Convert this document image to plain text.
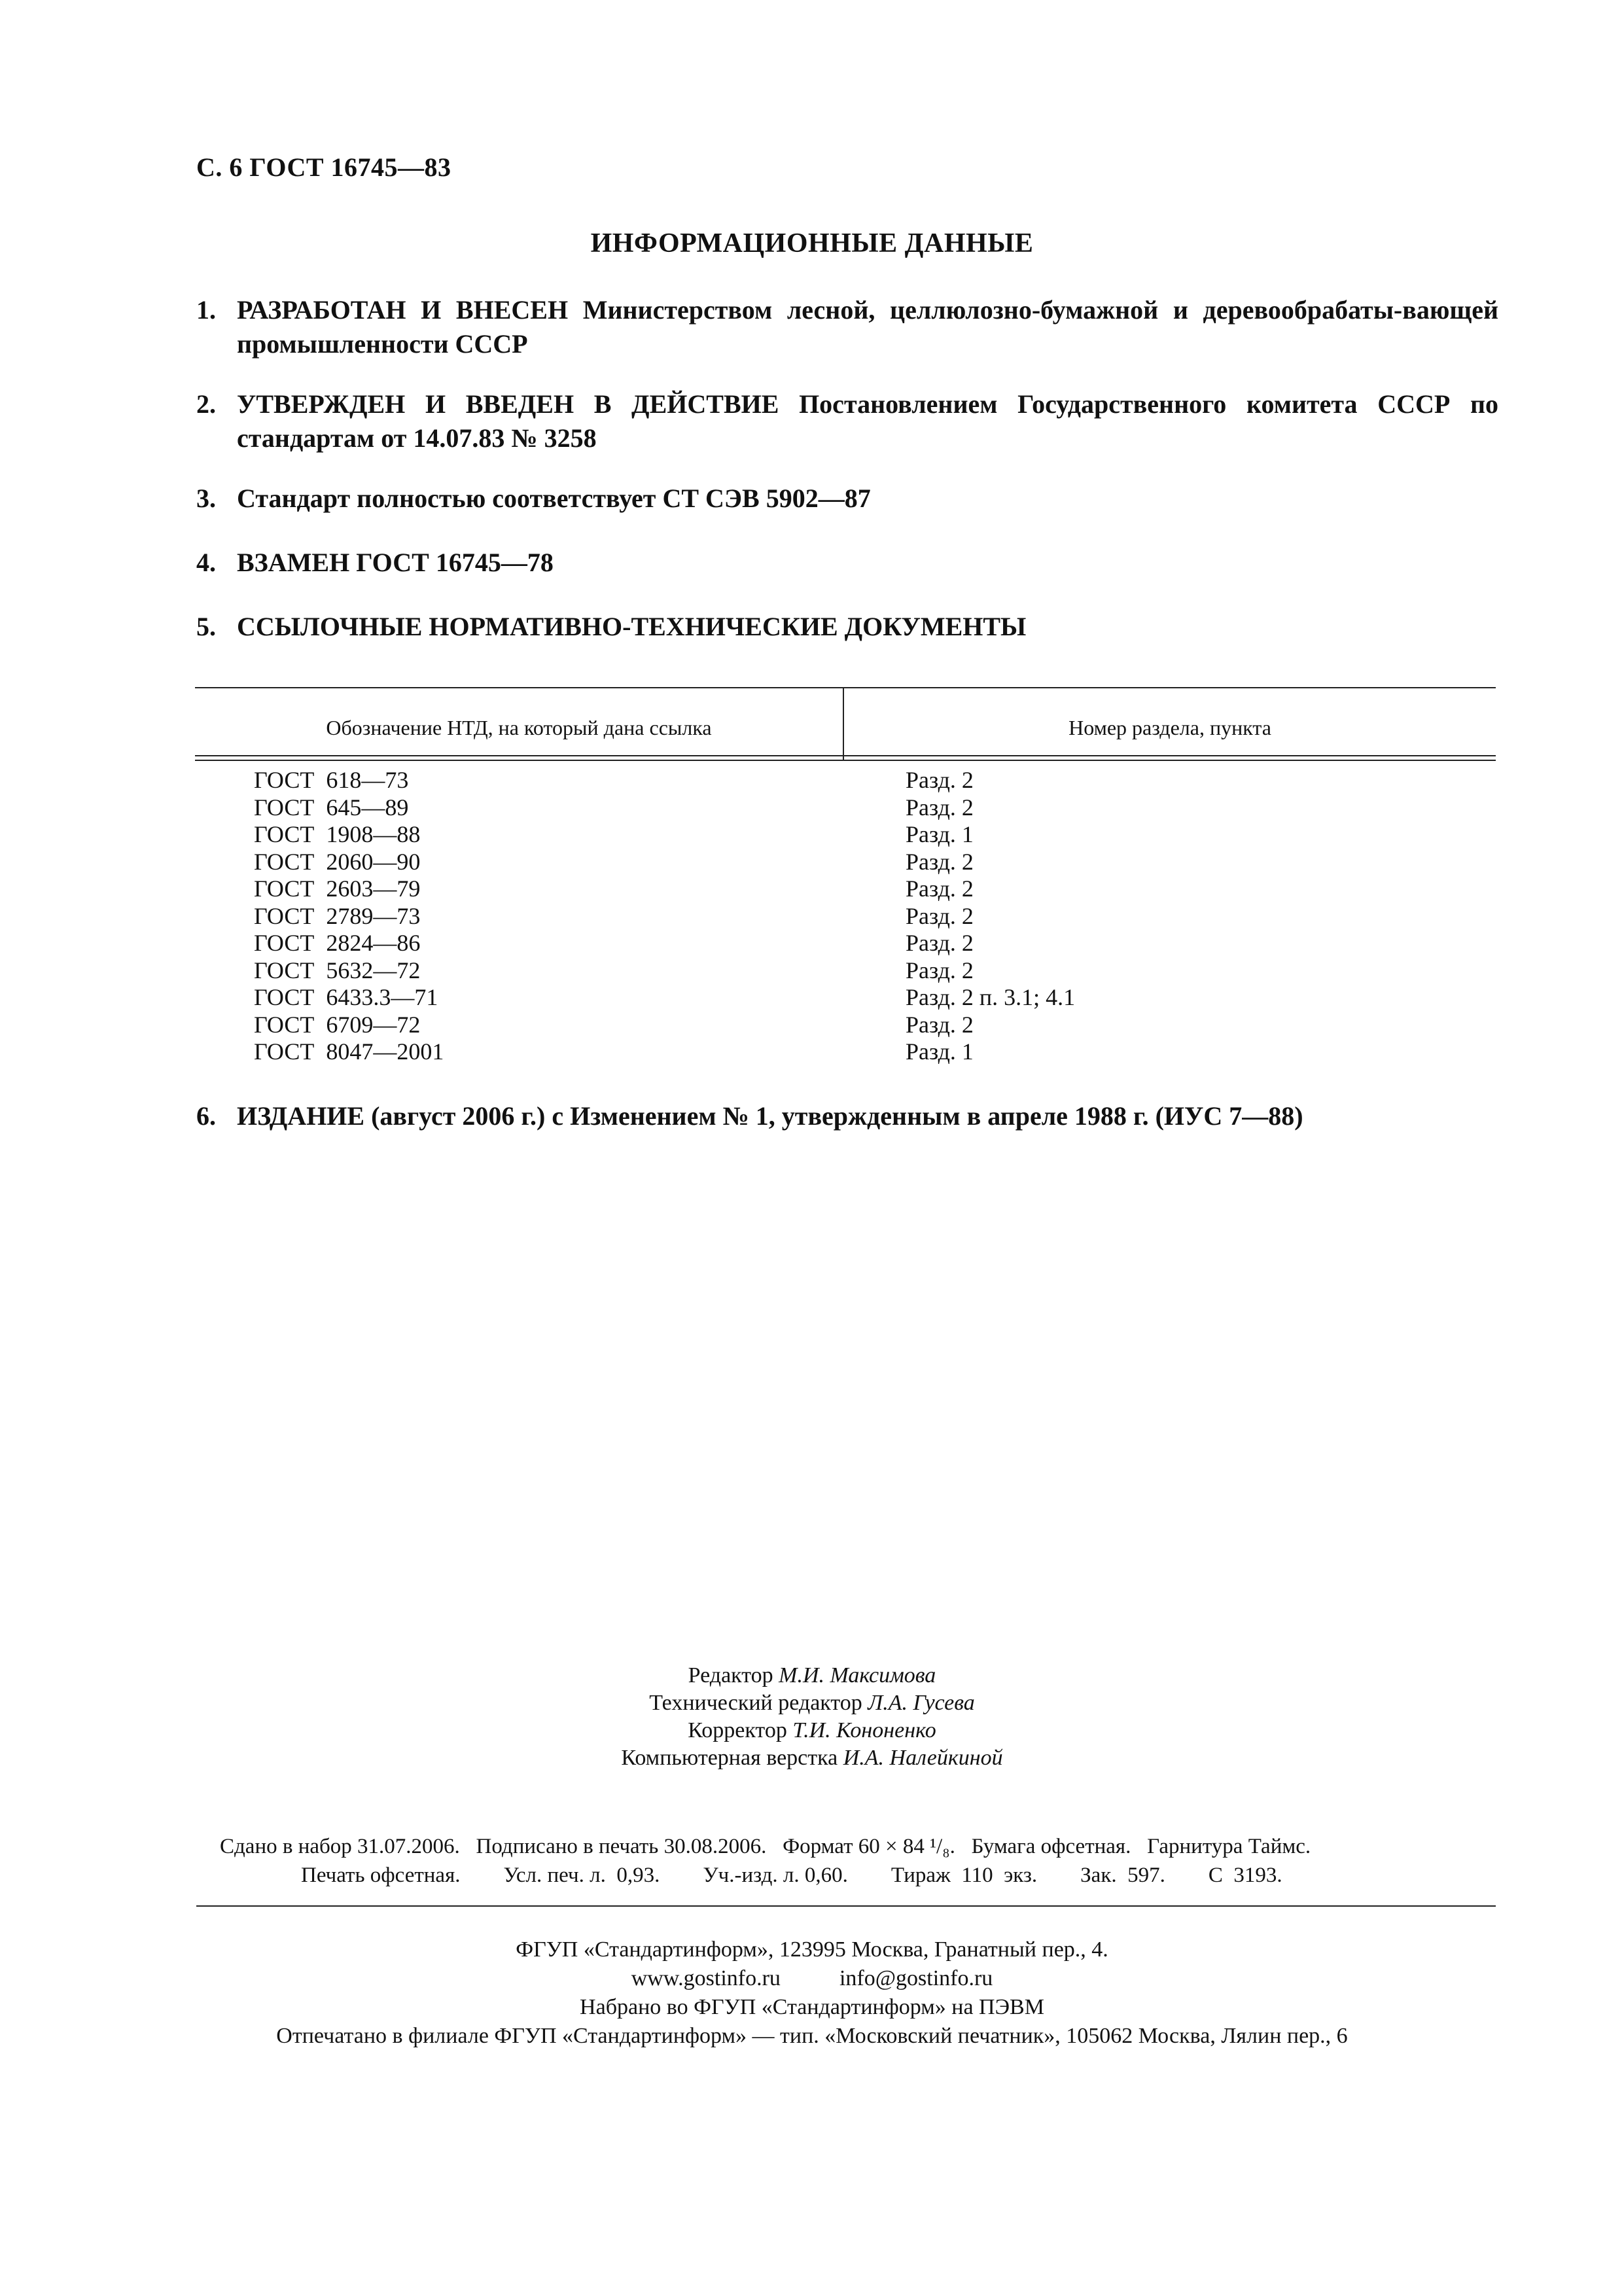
С. 6 ГОСТ 16745—83
ИНФОРМАЦИОННЫЕ ДАННЫЕ
1. РАЗРАБОТАН И ВНЕСЕН Министерством лесной, целлюлозно-бумажной и деревообрабаты-вающей промышленности СССР
2. УТВЕРЖДЕН И ВВЕДЕН В ДЕЙСТВИЕ Постановлением Государственного комитета СССР по стандартам от 14.07.83 № 3258
3. Стандарт полностью соответствует СТ СЭВ 5902—87
4. ВЗАМЕН ГОСТ 16745—78
5. ССЫЛОЧНЫЕ НОРМАТИВНО-ТЕХНИЧЕСКИЕ ДОКУМЕНТЫ
Обозначение НТД, на который дана ссылка	Номер раздела, пункта
ГОСТ  618—73	Разд. 2
ГОСТ  645—89	Разд. 2
ГОСТ  1908—88	Разд. 1
ГОСТ  2060—90	Разд. 2
ГОСТ  2603—79	Разд. 2
ГОСТ  2789—73	Разд. 2
ГОСТ  2824—86	Разд. 2
ГОСТ  5632—72	Разд. 2
ГОСТ  6433.3—71	Разд. 2 п. 3.1; 4.1
ГОСТ  6709—72	Разд. 2
ГОСТ  8047—2001	Разд. 1
6. ИЗДАНИЕ (август 2006 г.) с Изменением № 1, утвержденным в апреле 1988 г. (ИУС 7—88)
Редактор М.И. Максимова
Технический редактор Л.А. Гусева
Корректор Т.И. Кононенко
Компьютерная верстка И.А. Налейкиной
Сдано в набор 31.07.2006.   Подписано в печать 30.08.2006.   Формат 60 × 84 ¹/₈.   Бумага офсетная.   Гарнитура Таймс.
Печать офсетная.        Усл. печ. л.  0,93.        Уч.-изд. л. 0,60.        Тираж  110  экз.        Зак.  597.        С  3193.
ФГУП «Стандартинформ», 123995 Москва, Гранатный пер., 4.
www.gostinfo.ru	info@gostinfo.ru
Набрано во ФГУП «Стандартинформ» на ПЭВМ
Отпечатано в филиале ФГУП «Стандартинформ» — тип. «Московский печатник», 105062 Москва, Лялин пер., 6
